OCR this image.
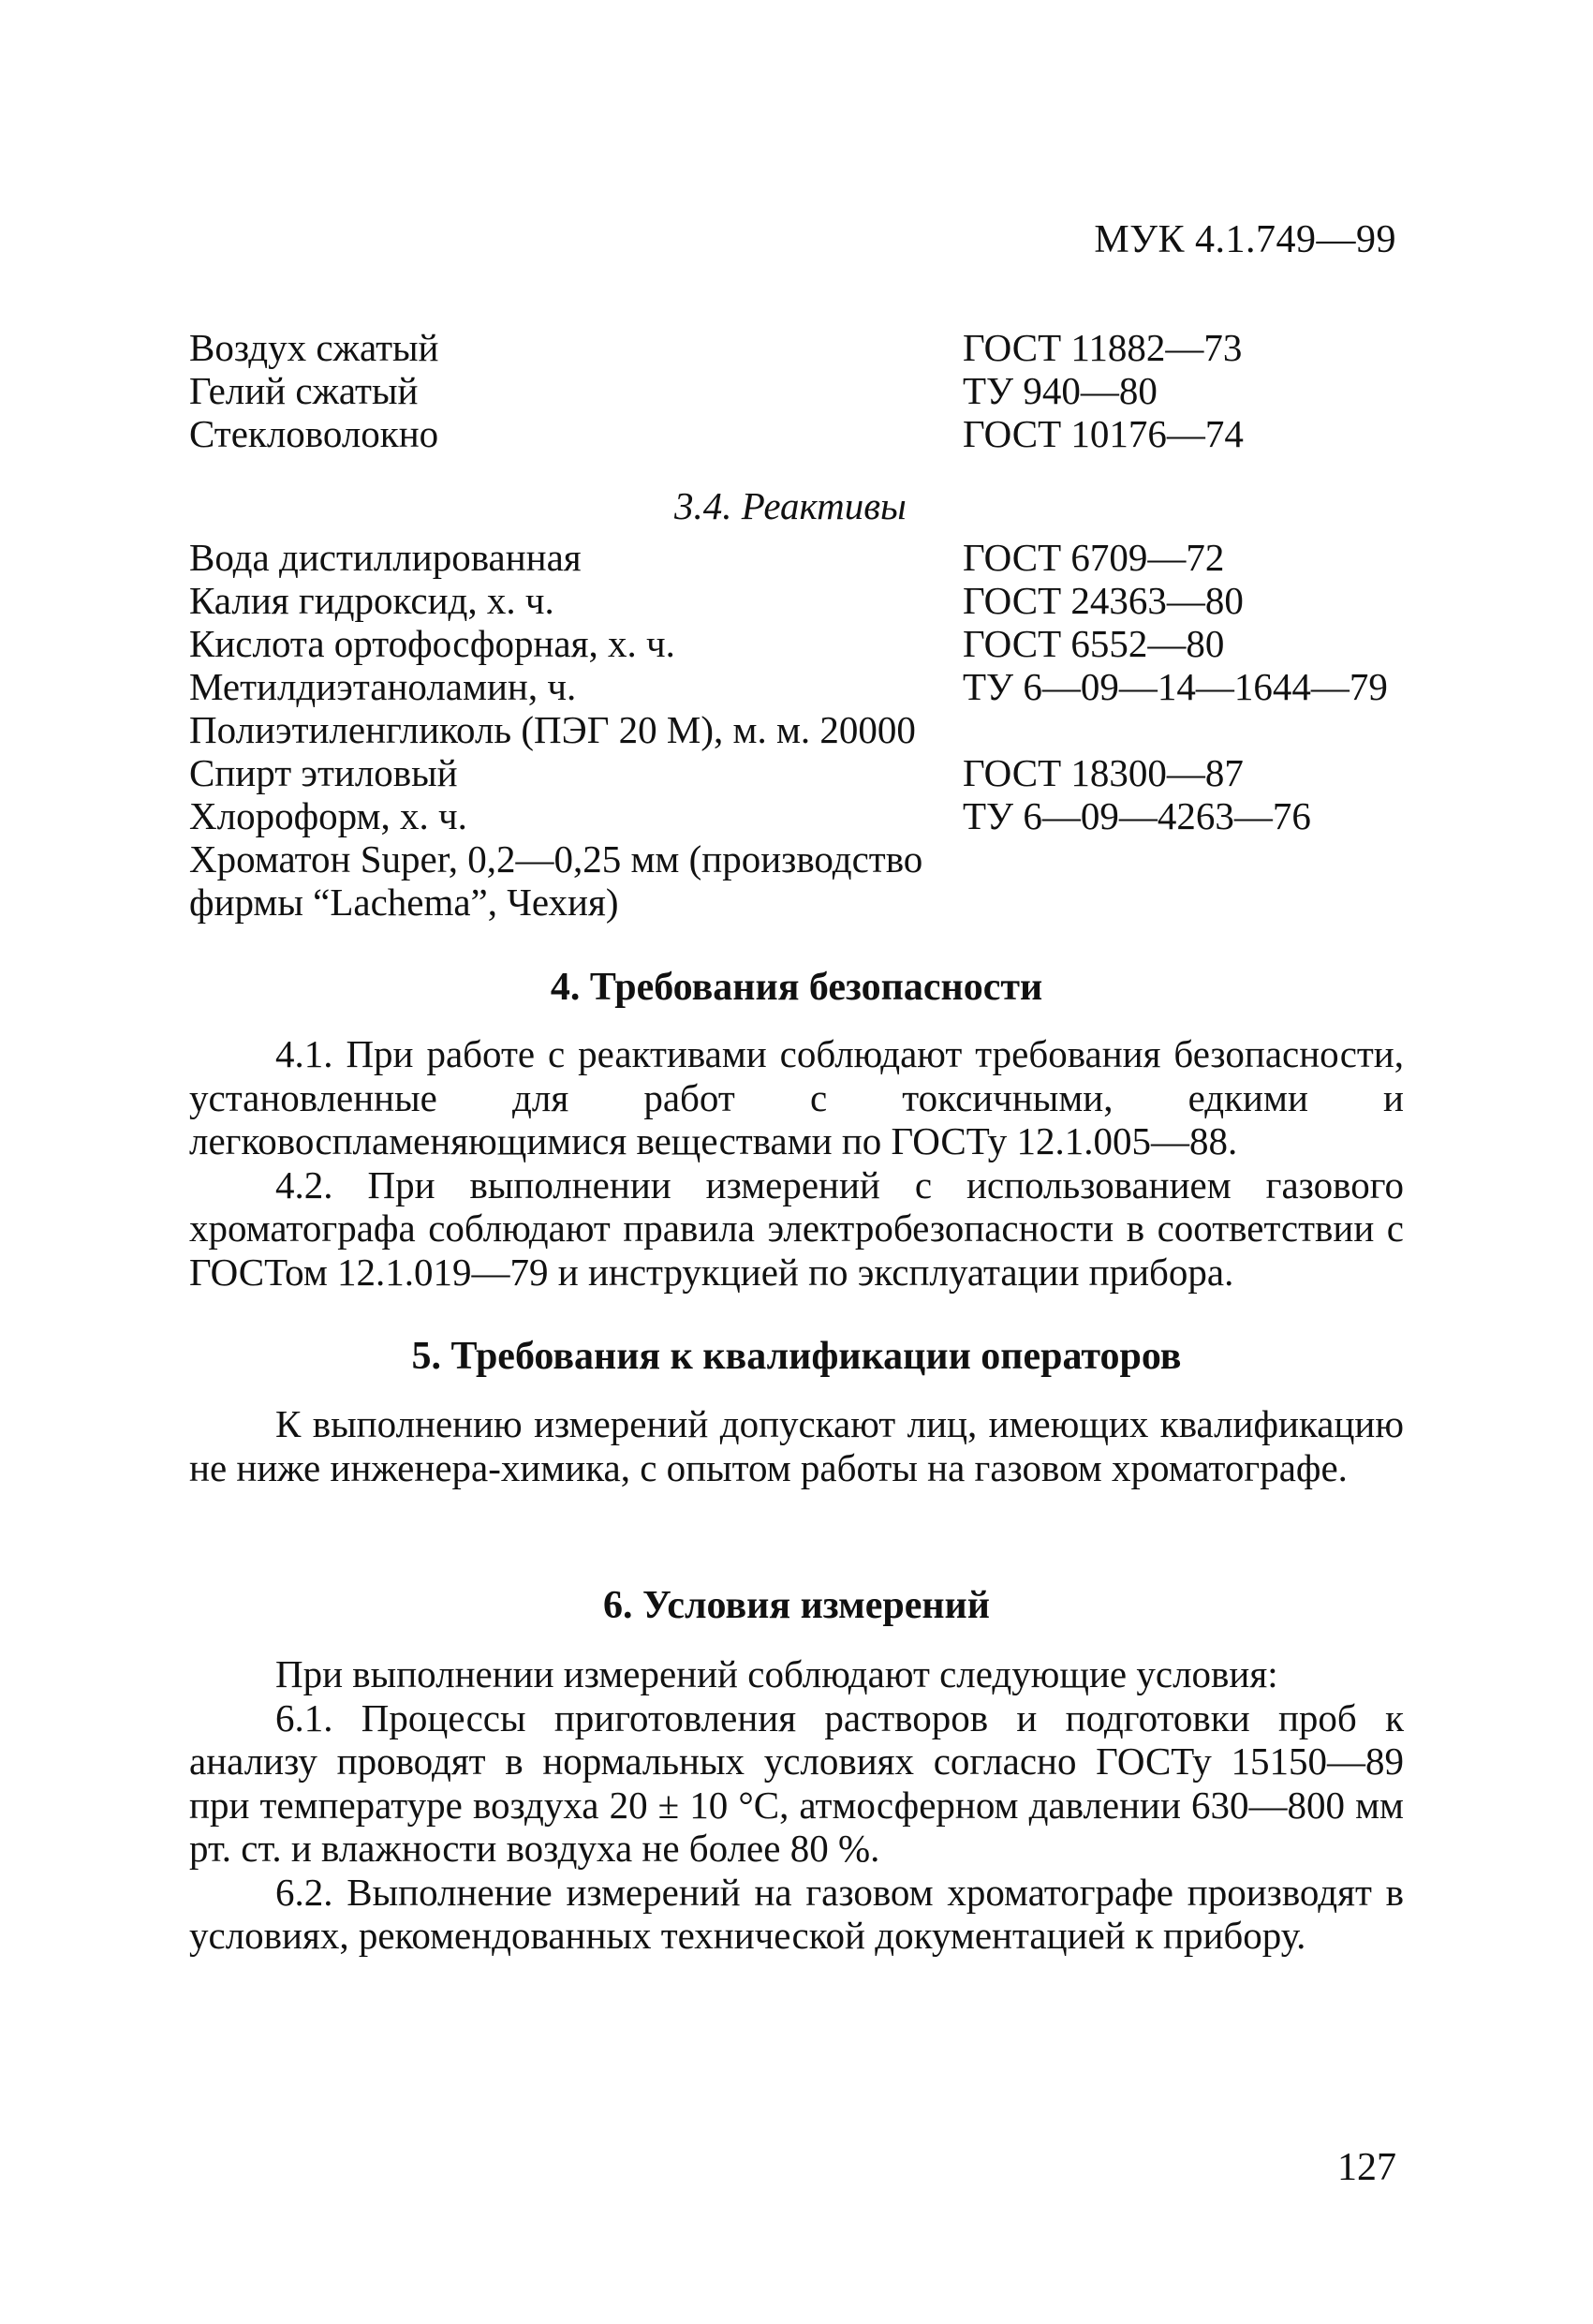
МУК 4.1.749—99
Воздух сжатый	ГОСТ 11882—73
Гелий сжатый	ТУ 940—80
Стекловолокно	ГОСТ 10176—74
3.4. Реактивы
Вода дистиллированная	ГОСТ 6709—72
Калия гидроксид, х. ч.	ГОСТ 24363—80
Кислота ортофосфорная, х. ч.	ГОСТ 6552—80
Метилдиэтаноламин, ч.	ТУ 6—09—14—1644—79
Полиэтиленгликоль (ПЭГ 20 М), м. м. 20000
Спирт этиловый	ГОСТ 18300—87
Хлороформ, х. ч.	ТУ 6—09—4263—76
Хроматон Super, 0,2—0,25 мм (производство
фирмы “Lachema”, Чехия)
4. Требования безопасности

4.1. При работе с реактивами соблюдают требования безопасности, установленные для работ с токсичными, едкими и легковоспламеняющимися веществами по ГОСТу 12.1.005—88.

4.2. При выполнении измерений с использованием газового хроматографа соблюдают правила электробезопасности в соответствии с ГОСТом 12.1.019—79 и инструкцией по эксплуатации прибора.

5. Требования к квалификации операторов

К выполнению измерений допускают лиц, имеющих квалификацию не ниже инженера-химика, с опытом работы на газовом хроматографе.

6. Условия измерений

При выполнении измерений соблюдают следующие условия:

6.1. Процессы приготовления растворов и подготовки проб к анализу проводят в нормальных условиях согласно ГОСТу 15150—89 при температуре воздуха 20 ± 10 °С, атмосферном давлении 630—800 мм рт. ст. и влажности воздуха не более 80 %.

6.2. Выполнение измерений на газовом хроматографе производят в условиях, рекомендованных технической документацией к прибору.

127
